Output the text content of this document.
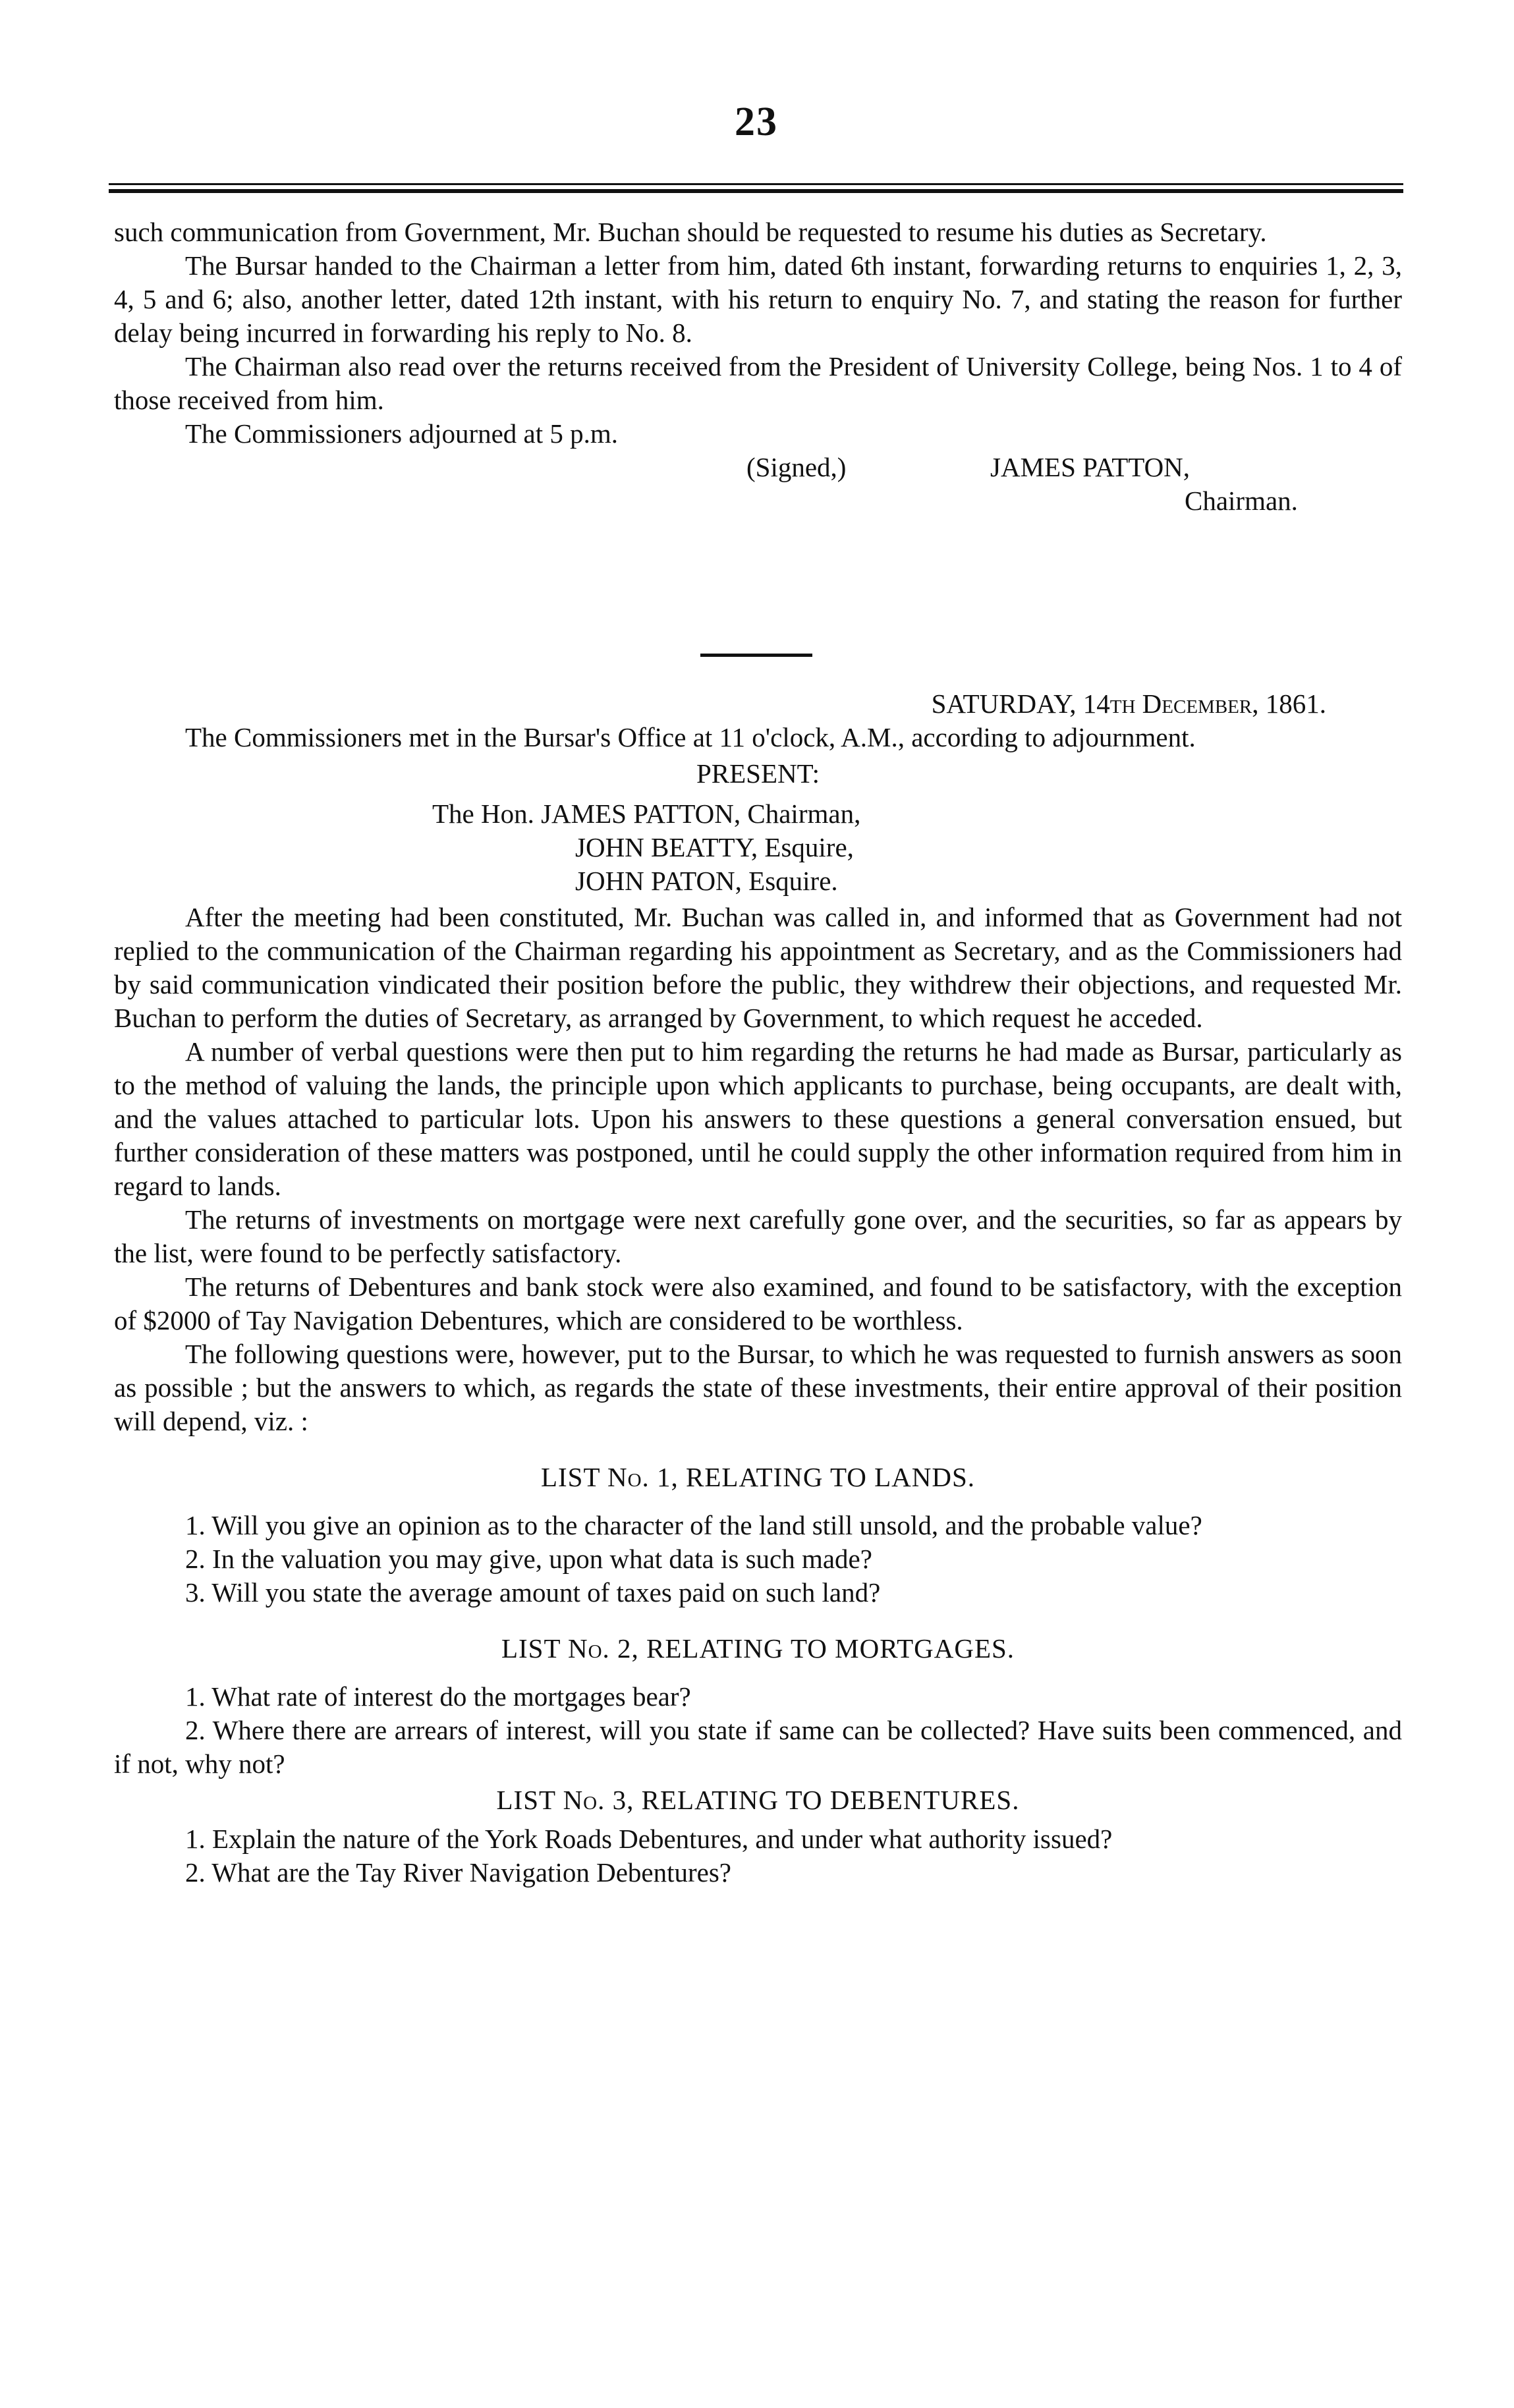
23

such communication from Government, Mr. Buchan should be requested to resume his duties as Secretary.

The Bursar handed to the Chairman a letter from him, dated 6th instant, forwarding returns to enquiries 1, 2, 3, 4, 5 and 6; also, another letter, dated 12th instant, with his return to enquiry No. 7, and stating the reason for further delay being incurred in forwarding his reply to No. 8.

The Chairman also read over the returns received from the President of University College, being Nos. 1 to 4 of those received from him.

The Commissioners adjourned at 5 p.m.

(Signed,)	JAMES PATTON,
Chairman.
SATURDAY, 14th December, 1861.

The Commissioners met in the Bursar's Office at 11 o'clock, A.M., according to adjournment.

PRESENT:
The Hon. JAMES PATTON, Chairman,
JOHN BEATTY, Esquire,
JOHN PATON, Esquire.

After the meeting had been constituted, Mr. Buchan was called in, and informed that as Government had not replied to the communication of the Chairman regarding his appointment as Secretary, and as the Commissioners had by said communication vindicated their position before the public, they withdrew their objections, and requested Mr. Buchan to perform the duties of Secretary, as arranged by Government, to which request he acceded.

A number of verbal questions were then put to him regarding the returns he had made as Bursar, particularly as to the method of valuing the lands, the principle upon which applicants to purchase, being occupants, are dealt with, and the values attached to particular lots. Upon his answers to these questions a general conversation ensued, but further consideration of these matters was postponed, until he could supply the other information required from him in regard to lands.

The returns of investments on mortgage were next carefully gone over, and the securities, so far as appears by the list, were found to be perfectly satisfactory.

The returns of Debentures and bank stock were also examined, and found to be satisfactory, with the exception of $2000 of Tay Navigation Debentures, which are considered to be worthless.

The following questions were, however, put to the Bursar, to which he was requested to furnish answers as soon as possible ; but the answers to which, as regards the state of these investments, their entire approval of their position will depend, viz. :

LIST No. 1, RELATING TO LANDS.

1. Will you give an opinion as to the character of the land still unsold, and the probable value?

2. In the valuation you may give, upon what data is such made?

3. Will you state the average amount of taxes paid on such land?

LIST No. 2, RELATING TO MORTGAGES.

1. What rate of interest do the mortgages bear?

2. Where there are arrears of interest, will you state if same can be collected? Have suits been commenced, and if not, why not?

LIST No. 3, RELATING TO DEBENTURES.

1. Explain the nature of the York Roads Debentures, and under what authority issued?

2. What are the Tay River Navigation Debentures?
